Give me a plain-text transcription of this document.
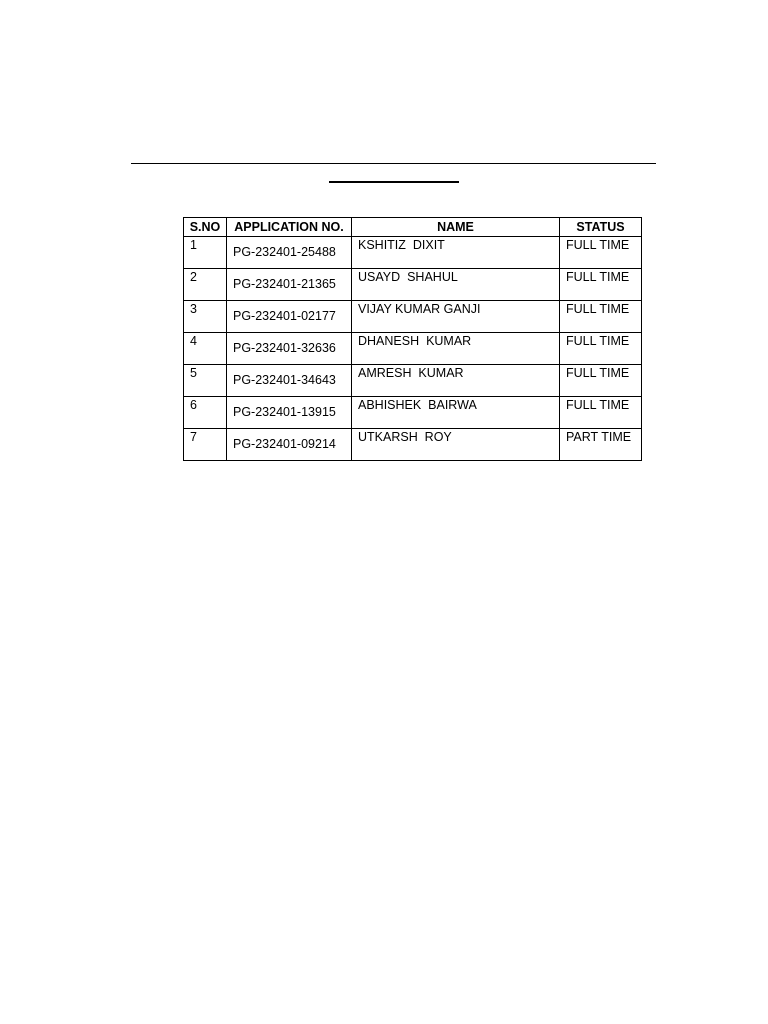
S.NO	APPLICATION NO.	NAME	STATUS

1	PG-232401-25488	KSHITIZ  DIXIT	FULL TIME

2	PG-232401-21365	USAYD  SHAHUL	FULL TIME

3	PG-232401-02177	VIJAY KUMAR GANJI	FULL TIME

4	PG-232401-32636	DHANESH  KUMAR	FULL TIME

5	PG-232401-34643	AMRESH  KUMAR	FULL TIME

6	PG-232401-13915	ABHISHEK  BAIRWA	FULL TIME

7	PG-232401-09214	UTKARSH  ROY	PART TIME
